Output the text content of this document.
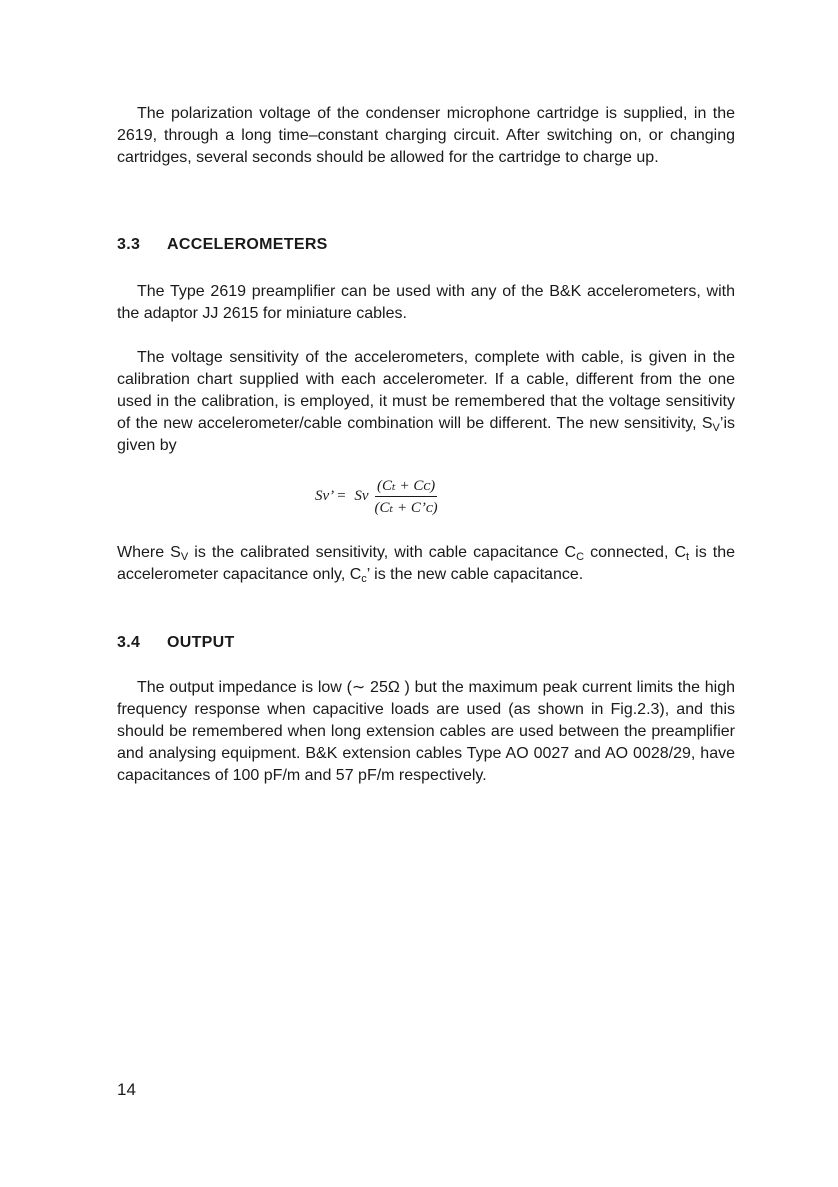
The polarization voltage of the condenser microphone cartridge is supplied, in the 2619, through a long time–constant charging circuit. After switching on, or changing cartridges, several seconds should be allowed for the cartridge to charge up.

3.3 ACCELEROMETERS

The Type 2619 preamplifier can be used with any of the B&K accelerometers, with the adaptor JJ 2615 for miniature cables.

The voltage sensitivity of the accelerometers, complete with cable, is given in the calibration chart supplied with each accelerometer. If a cable, different from the one used in the calibration, is employed, it must be remembered that the voltage sensitivity of the new accelerometer/cable combination will be different. The new sensitivity, $S_V’is$ given by

Sv’ = Sv $\frac{\text{(Cₜ + Cᴄ)}}{\text{(Cₜ + C’ᴄ)}}$

Where $S_V$ is the calibrated sensitivity, with cable capacitance $C_C$ connected, $C_t$ is the accelerometer capacitance only, $C_c$’ is the new cable capacitance.

3.4 OUTPUT

The output impedance is low (∼ 25Ω ) but the maximum peak current limits the high frequency response when capacitive loads are used (as shown in Fig.2.3), and this should be remembered when long extension cables are used between the preamplifier and analysing equipment. B&K extension cables Type AO 0027 and AO 0028/29, have capacitances of 100 pF/m and 57 pF/m respectively.

14
